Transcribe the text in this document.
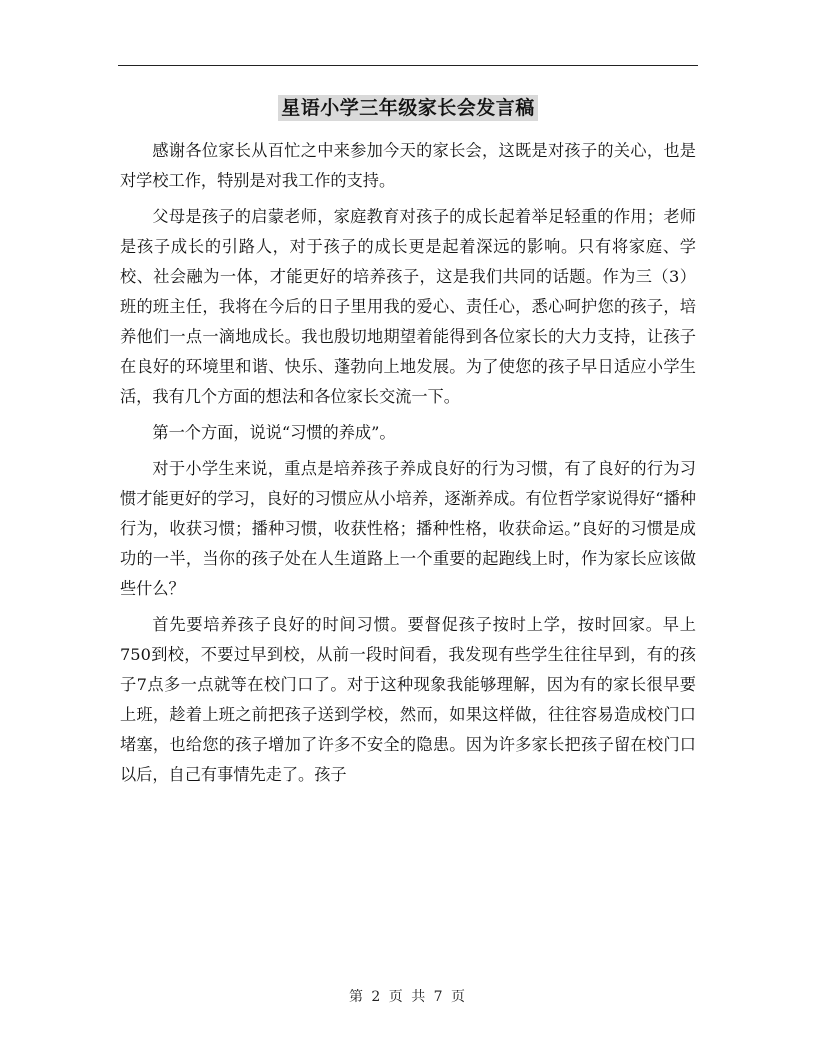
星语小学三年级家长会发言稿

感谢各位家长从百忙之中来参加今天的家长会，这既是对孩子的关心，也是对学校工作，特别是对我工作的支持。

父母是孩子的启蒙老师，家庭教育对孩子的成长起着举足轻重的作用；老师是孩子成长的引路人，对于孩子的成长更是起着深远的影响。只有将家庭、学校、社会融为一体，才能更好的培养孩子，这是我们共同的话题。作为三（3）班的班主任，我将在今后的日子里用我的爱心、责任心，悉心呵护您的孩子，培养他们一点一滴地成长。我也殷切地期望着能得到各位家长的大力支持，让孩子在良好的环境里和谐、快乐、蓬勃向上地发展。为了使您的孩子早日适应小学生活，我有几个方面的想法和各位家长交流一下。

第一个方面，说说“习惯的养成”。

对于小学生来说，重点是培养孩子养成良好的行为习惯，有了良好的行为习惯才能更好的学习，良好的习惯应从小培养，逐渐养成。有位哲学家说得好“播种行为，收获习惯；播种习惯，收获性格；播种性格，收获命运。”良好的习惯是成功的一半，当你的孩子处在人生道路上一个重要的起跑线上时，作为家长应该做些什么？

首先要培养孩子良好的时间习惯。要督促孩子按时上学，按时回家。早上750到校，不要过早到校，从前一段时间看，我发现有些学生往往早到，有的孩子7点多一点就等在校门口了。对于这种现象我能够理解，因为有的家长很早要上班，趁着上班之前把孩子送到学校，然而，如果这样做，往往容易造成校门口堵塞，也给您的孩子增加了许多不安全的隐患。因为许多家长把孩子留在校门口以后，自己有事情先走了。孩子

第 2 页 共 7 页
